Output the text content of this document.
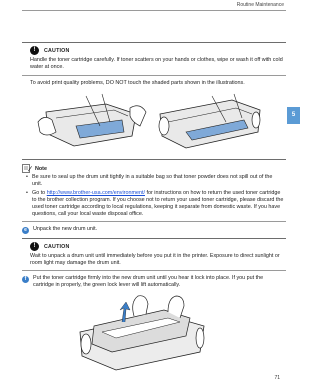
Routine Maintenance
5
!	CAUTION

Handle the toner cartridge carefully. If toner scatters on your hands or clothes, wipe or wash it off with cold water at once.

To avoid print quality problems, DO NOT touch the shaded parts shown in the illustrations.

Note
• Be sure to seal up the drum unit tightly in a suitable bag so that toner powder does not spill out of the unit.
• Go to http://www.brother-usa.com/environment/ for instructions on how to return the used toner cartridge to the brother collection program. If you choose not to return your used toner cartridge, please discard the used toner cartridge according to local regulations, keeping it separate from domestic waste. If you have questions, call your local waste disposal office.
e	Unpack the new drum unit.
!	CAUTION

Wait to unpack a drum unit until immediately before you put it in the printer. Exposure to direct sunlight or room light may damage the drum unit.

f	Put the toner cartridge firmly into the new drum unit until you hear it lock into place. If you put the cartridge in properly, the green lock lever will lift automatically.
71
